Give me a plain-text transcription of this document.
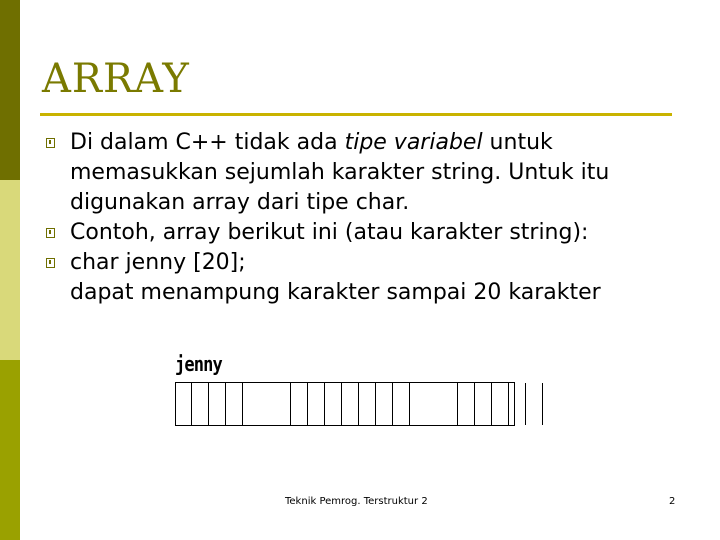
ARRAY
Di dalam C++ tidak ada tipe variabel untuk memasukkan sejumlah karakter string. Untuk itu digunakan array dari tipe char.
Contoh, array berikut ini (atau karakter string):
char jenny [20];
dapat menampung karakter sampai 20 karakter
jenny
Teknik Pemrog. Terstruktur 2	2
